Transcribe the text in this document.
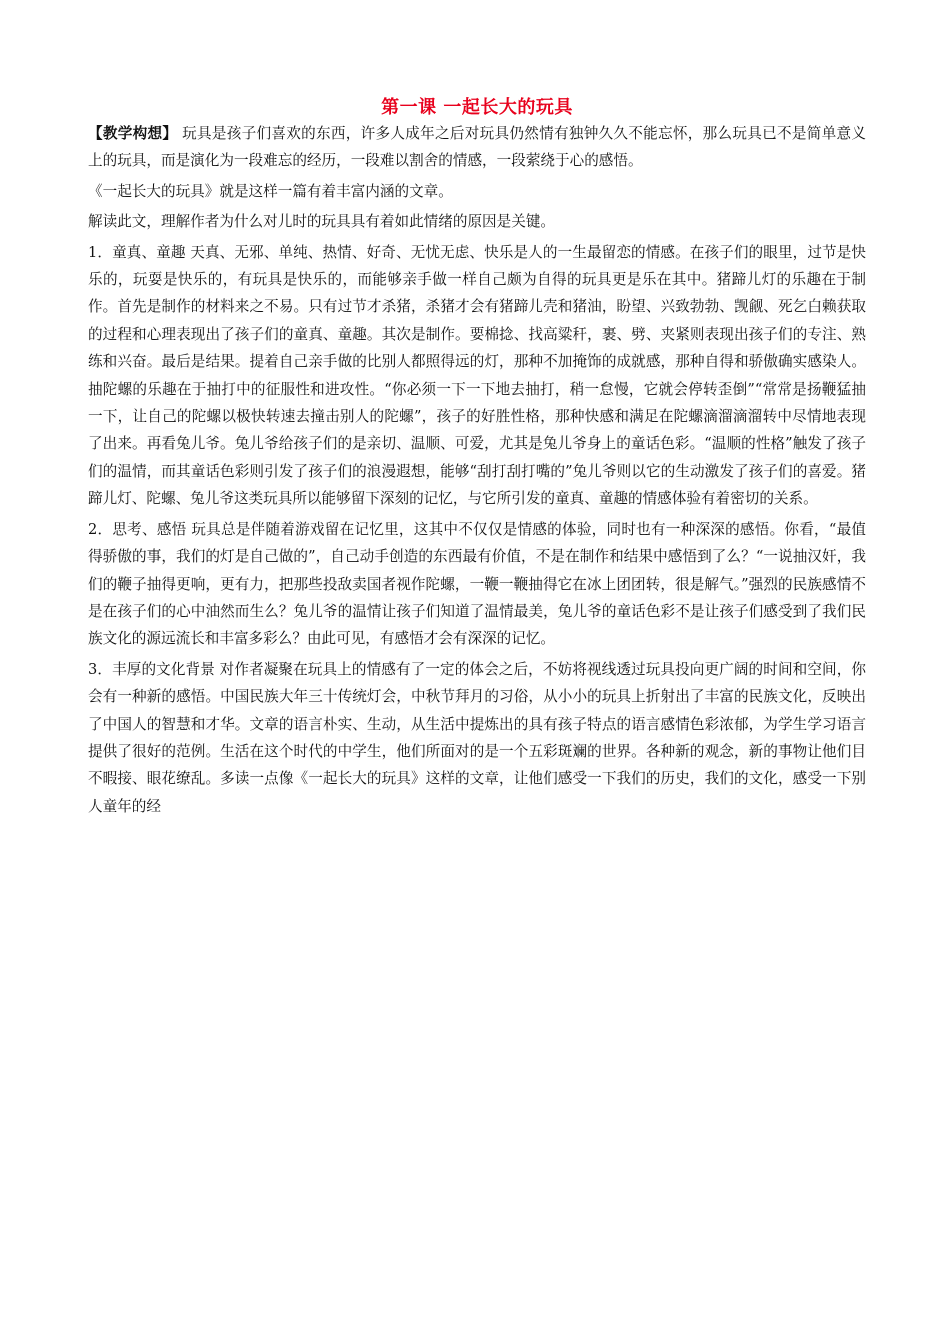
第一课 一起长大的玩具

【教学构想】 玩具是孩子们喜欢的东西，许多人成年之后对玩具仍然情有独钟久久不能忘怀，那么玩具已不是简单意义上的玩具，而是演化为一段难忘的经历，一段难以割舍的情感，一段萦绕于心的感悟。

《一起长大的玩具》就是这样一篇有着丰富内涵的文章。

解读此文，理解作者为什么对儿时的玩具具有着如此情绪的原因是关键。

1．童真、童趣 天真、无邪、单纯、热情、好奇、无忧无虑、快乐是人的一生最留恋的情感。在孩子们的眼里，过节是快乐的，玩耍是快乐的，有玩具是快乐的，而能够亲手做一样自己颇为自得的玩具更是乐在其中。猪蹄儿灯的乐趣在于制作。首先是制作的材料来之不易。只有过节才杀猪，杀猪才会有猪蹄儿壳和猪油，盼望、兴致勃勃、觊觎、死乞白赖获取的过程和心理表现出了孩子们的童真、童趣。其次是制作。要棉捻、找高粱秆，裹、劈、夹紧则表现出孩子们的专注、熟练和兴奋。最后是结果。提着自己亲手做的比别人都照得远的灯，那种不加掩饰的成就感，那种自得和骄傲确实感染人。抽陀螺的乐趣在于抽打中的征服性和进攻性。“你必须一下一下地去抽打，稍一怠慢，它就会停转歪倒”“常常是扬鞭猛抽一下，让自己的陀螺以极快转速去撞击别人的陀螺”，孩子的好胜性格，那种快感和满足在陀螺滴溜滴溜转中尽情地表现了出来。再看兔儿爷。兔儿爷给孩子们的是亲切、温顺、可爱，尤其是兔儿爷身上的童话色彩。“温顺的性格”触发了孩子们的温情，而其童话色彩则引发了孩子们的浪漫遐想，能够“刮打刮打嘴的”兔儿爷则以它的生动激发了孩子们的喜爱。猪蹄儿灯、陀螺、兔儿爷这类玩具所以能够留下深刻的记忆，与它所引发的童真、童趣的情感体验有着密切的关系。

2．思考、感悟 玩具总是伴随着游戏留在记忆里，这其中不仅仅是情感的体验，同时也有一种深深的感悟。你看，“最值得骄傲的事，我们的灯是自己做的”，自己动手创造的东西最有价值，不是在制作和结果中感悟到了么？“一说抽汉奸，我们的鞭子抽得更响，更有力，把那些投敌卖国者视作陀螺，一鞭一鞭抽得它在冰上团团转，很是解气。”强烈的民族感情不是在孩子们的心中油然而生么？兔儿爷的温情让孩子们知道了温情最美，兔儿爷的童话色彩不是让孩子们感受到了我们民族文化的源远流长和丰富多彩么？由此可见，有感悟才会有深深的记忆。

3．丰厚的文化背景 对作者凝聚在玩具上的情感有了一定的体会之后，不妨将视线透过玩具投向更广阔的时间和空间，你会有一种新的感悟。中国民族大年三十传统灯会，中秋节拜月的习俗，从小小的玩具上折射出了丰富的民族文化，反映出了中国人的智慧和才华。文章的语言朴实、生动，从生活中提炼出的具有孩子特点的语言感情色彩浓郁，为学生学习语言提供了很好的范例。生活在这个时代的中学生，他们所面对的是一个五彩斑斓的世界。各种新的观念，新的事物让他们目不暇接、眼花缭乱。多读一点像《一起长大的玩具》这样的文章，让他们感受一下我们的历史，我们的文化，感受一下别人童年的经
